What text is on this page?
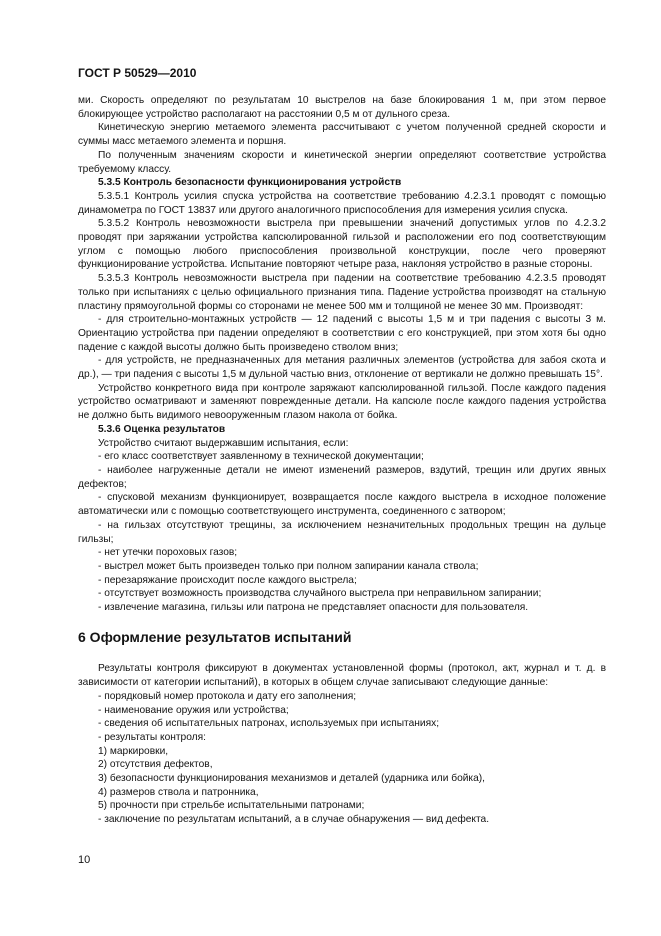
ГОСТ Р 50529—2010

ми. Скорость определяют по результатам 10 выстрелов на базе блокирования 1 м, при этом первое блокирующее устройство располагают на расстоянии 0,5 м от дульного среза.

Кинетическую энергию метаемого элемента рассчитывают с учетом полученной средней скорости и суммы масс метаемого элемента и поршня.

По полученным значениям скорости и кинетической энергии определяют соответствие устройства требуемому классу.

5.3.5 Контроль безопасности функционирования устройств

5.3.5.1 Контроль усилия спуска устройства на соответствие требованию 4.2.3.1 проводят с помощью динамометра по ГОСТ 13837 или другого аналогичного приспособления для измерения усилия спуска.

5.3.5.2 Контроль невозможности выстрела при превышении значений допустимых углов по 4.2.3.2 проводят при заряжании устройства капсюлированной гильзой и расположении его под соответствующим углом с помощью любого приспособления произвольной конструкции, после чего проверяют функционирование устройства. Испытание повторяют четыре раза, наклоняя устройство в разные стороны.

5.3.5.3 Контроль невозможности выстрела при падении на соответствие требованию 4.2.3.5 проводят только при испытаниях с целью официального признания типа. Падение устройства производят на стальную пластину прямоугольной формы со сторонами не менее 500 мм и толщиной не менее 30 мм. Производят:

- для строительно-монтажных устройств — 12 падений с высоты 1,5 м и три падения с высоты 3 м. Ориентацию устройства при падении определяют в соответствии с его конструкцией, при этом хотя бы одно падение с каждой высоты должно быть произведено стволом вниз;

- для устройств, не предназначенных для метания различных элементов (устройства для забоя скота и др.), — три падения с высоты 1,5 м дульной частью вниз, отклонение от вертикали не должно превышать 15°.

Устройство конкретного вида при контроле заряжают капсюлированной гильзой. После каждого падения устройство осматривают и заменяют поврежденные детали. На капсюле после каждого падения устройства не должно быть видимого невооруженным глазом накола от бойка.

5.3.6 Оценка результатов

Устройство считают выдержавшим испытания, если:

- его класс соответствует заявленному в технической документации;

- наиболее нагруженные детали не имеют изменений размеров, вздутий, трещин или других явных дефектов;

- спусковой механизм функционирует, возвращается после каждого выстрела в исходное положение автоматически или с помощью соответствующего инструмента, соединенного с затвором;

- на гильзах отсутствуют трещины, за исключением незначительных продольных трещин на дульце гильзы;

- нет утечки пороховых газов;

- выстрел может быть произведен только при полном запирании канала ствола;

- перезаряжание происходит после каждого выстрела;

- отсутствует возможность производства случайного выстрела при неправильном запирании;

- извлечение магазина, гильзы или патрона не представляет опасности для пользователя.

6 Оформление результатов испытаний

Результаты контроля фиксируют в документах установленной формы (протокол, акт, журнал и т. д. в зависимости от категории испытаний), в которых в общем случае записывают следующие данные:

- порядковый номер протокола и дату его заполнения;

- наименование оружия или устройства;

- сведения об испытательных патронах, используемых при испытаниях;

- результаты контроля:

1) маркировки,

2) отсутствия дефектов,

3) безопасности функционирования механизмов и деталей (ударника или бойка),

4) размеров ствола и патронника,

5) прочности при стрельбе испытательными патронами;

- заключение по результатам испытаний, а в случае обнаружения — вид дефекта.

10
